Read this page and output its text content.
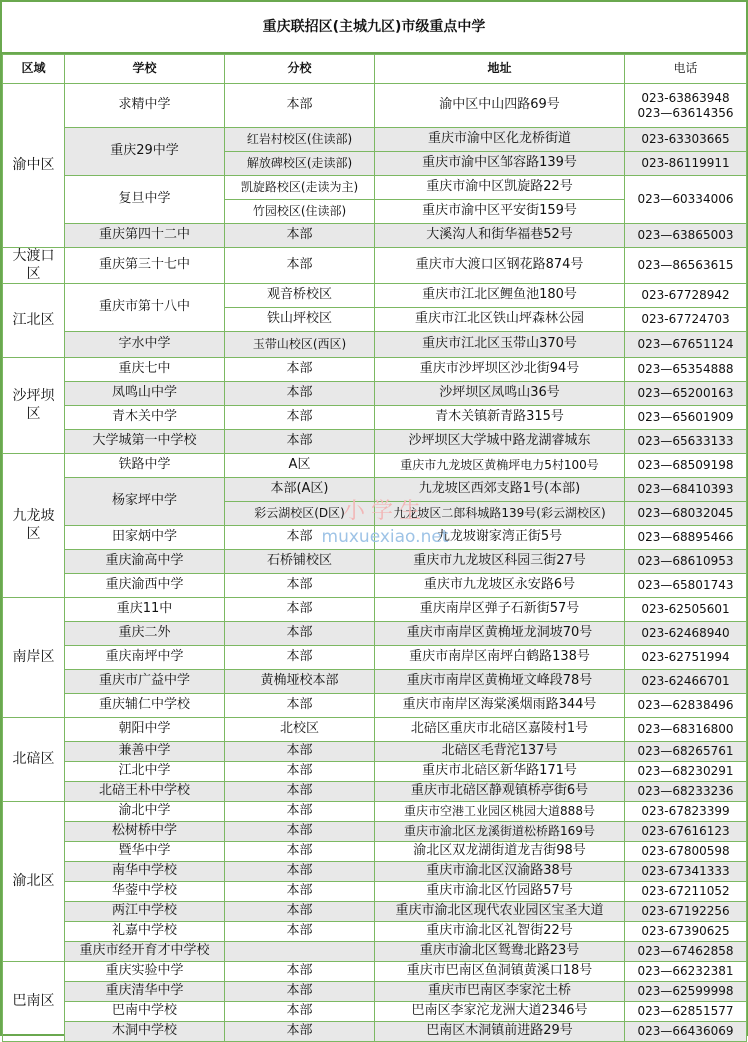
重庆联招区(主城九区)市级重点中学
区域	学校	分校	地址	电话
渝中区	求精中学	本部	渝中区中山四路69号	023-63863948
023—63614356

	重庆29中学	红岩村校区(住读部)	重庆市渝中区化龙桥街道	023-63303665

		解放碑校区(走读部)	重庆市渝中区邹容路139号	023-86119911

	复旦中学	凯旋路校区(走读为主)	重庆市渝中区凯旋路22号	023—60334006
		竹园校区(住读部)	重庆市渝中区平安街159号	
	重庆第四十二中	本部	大溪沟人和街华福巷52号	023—63865003

大渡口区	重庆第三十七中	本部	重庆市大渡口区钢花路874号	023—86563615

江北区	重庆市第十八中	观音桥校区	重庆市江北区鲤鱼池180号	023-67728942

		铁山坪校区	重庆市江北区铁山坪森林公园	023-67724703

	字水中学	玉带山校区(西区)	重庆市江北区玉带山370号	023—67651124

沙坪坝区	重庆七中	本部	重庆市沙坪坝区沙北街94号	023—65354888

	凤鸣山中学	本部	沙坪坝区凤鸣山36号	023—65200163

	青木关中学	本部	青木关镇新青路315号	023—65601909

	大学城第一中学校	本部	沙坪坝区大学城中路龙湖睿城东	023—65633133

九龙坡区	铁路中学	A区	重庆市九龙坡区黄桷坪电力5村100号	023—68509198

	杨家坪中学	本部(A区)	九龙坡区西郊支路1号(本部)	023—68410393

		彩云湖校区(D区)	九龙坡区二郎科城路139号(彩云湖校区)	023—68032045

	田家炳中学	本部	九龙坡谢家湾正街5号	023—68895466

	重庆渝高中学	石桥铺校区	重庆市九龙坡区科园三街27号	023—68610953

	重庆渝西中学	本部	重庆市九龙坡区永安路6号	023—65801743

南岸区	重庆11中	本部	重庆南岸区弹子石新街57号	023-62505601

	重庆二外	本部	重庆市南岸区黄桷垭龙洞坡70号	023-62468940

	重庆南坪中学	本部	重庆市南岸区南坪白鹤路138号	023-62751994

	重庆市广益中学	黄桷垭校本部	重庆市南岸区黄桷垭文峰段78号	023-62466701

	重庆辅仁中学校	本部	重庆市南岸区海棠溪烟雨路344号	023—62838496

北碚区	朝阳中学	北校区	北碚区重庆市北碚区嘉陵村1号	023—68316800

	兼善中学	本部	北碚区毛背沱137号	023—68265761

	江北中学	本部	重庆市北碚区新华路171号	023—68230291

	北碚王朴中学校	本部	重庆市北碚区静观镇桥亭街6号	023—68233236

渝北区	渝北中学	本部	重庆市空港工业园区桃园大道888号	023-67823399

	松树桥中学	本部	重庆市渝北区龙溪街道松桥路169号	023-67616123

	暨华中学	本部	渝北区双龙湖街道龙吉街98号	023-67800598

	南华中学校	本部	重庆市渝北区汉渝路38号	023-67341333

	华蓥中学校	本部	重庆市渝北区竹园路57号	023-67211052

	两江中学校	本部	重庆市渝北区现代农业园区宝圣大道	023-67192256

	礼嘉中学校	本部	重庆市渝北区礼智街22号	023-67390625

	重庆市经开育才中学校		重庆市渝北区鸳鸯北路23号	023—67462858

巴南区	重庆实验中学	本部	重庆市巴南区鱼洞镇黄溪口18号	023—66232381

	重庆清华中学	本部	重庆市巴南区李家沱土桥	023—62599998

	巴南中学校	本部	巴南区李家沱龙洲大道2346号	023—62851577

	木洞中学校	本部	巴南区木洞镇前进路29号	023—66436069
小学生
muxuexiao.net
